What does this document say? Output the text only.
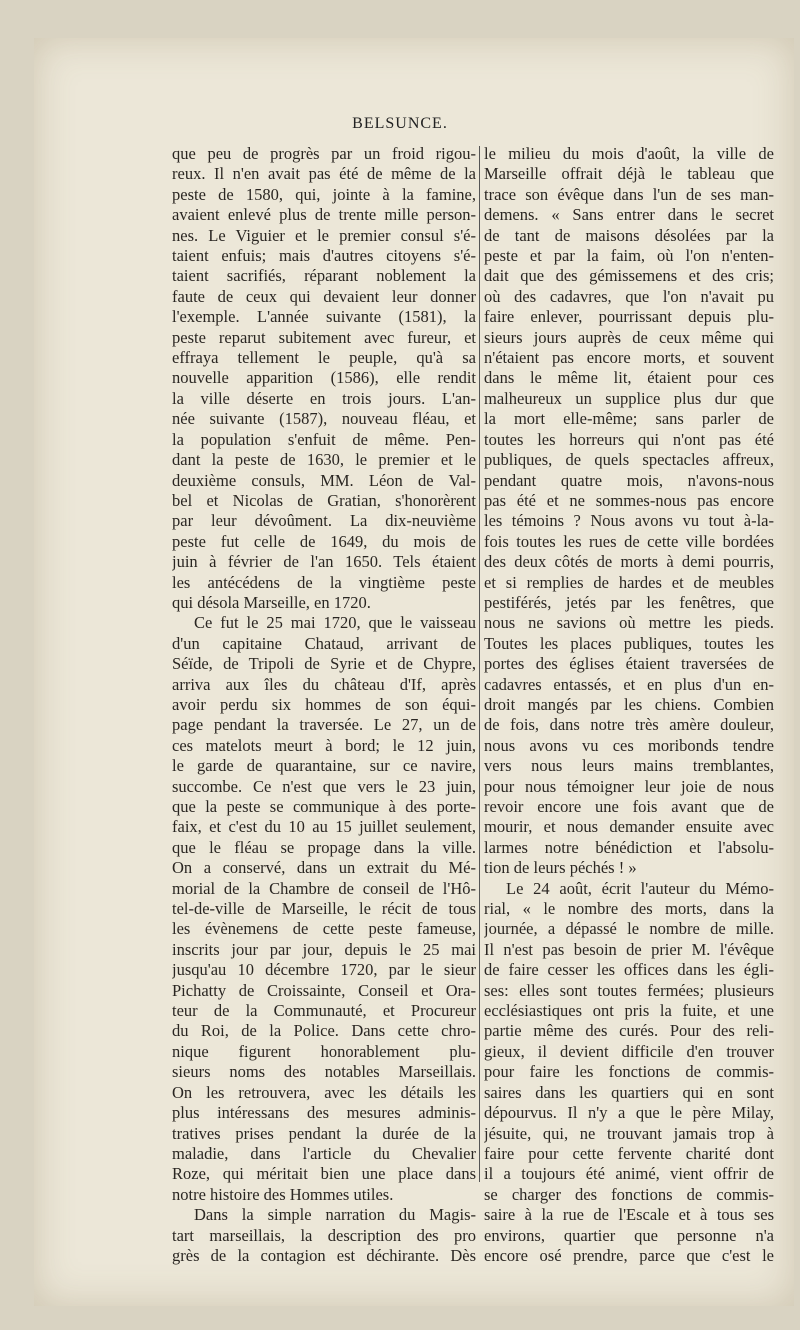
BELSUNCE.
que peu de progrès par un froid rigou-
reux. Il n'en avait pas été de même de la
peste de 1580, qui, jointe à la famine,
avaient enlevé plus de trente mille person-
nes. Le Viguier et le premier consul s'é-
taient enfuis; mais d'autres citoyens s'é-
taient sacrifiés, réparant noblement la
faute de ceux qui devaient leur donner
l'exemple. L'année suivante (1581), la
peste reparut subitement avec fureur, et
effraya tellement le peuple, qu'à sa
nouvelle apparition (1586), elle rendit
la ville déserte en trois jours. L'an-
née suivante (1587), nouveau fléau, et
la population s'enfuit de même. Pen-
dant la peste de 1630, le premier et le
deuxième consuls, MM. Léon de Val-
bel et Nicolas de Gratian, s'honorèrent
par leur dévoûment. La dix-neuvième
peste fut celle de 1649, du mois de
juin à février de l'an 1650. Tels étaient
les antécédens de la vingtième peste
qui désola Marseille, en 1720.
Ce fut le 25 mai 1720, que le vaisseau
d'un capitaine Chataud, arrivant de
Séïde, de Tripoli de Syrie et de Chypre,
arriva aux îles du château d'If, après
avoir perdu six hommes de son équi-
page pendant la traversée. Le 27, un de
ces matelots meurt à bord; le 12 juin,
le garde de quarantaine, sur ce navire,
succombe. Ce n'est que vers le 23 juin,
que la peste se communique à des porte-
faix, et c'est du 10 au 15 juillet seulement,
que le fléau se propage dans la ville.
On a conservé, dans un extrait du Mé-
morial de la Chambre de conseil de l'Hô-
tel-de-ville de Marseille, le récit de tous
les évènemens de cette peste fameuse,
inscrits jour par jour, depuis le 25 mai
jusqu'au 10 décembre 1720, par le sieur
Pichatty de Croissainte, Conseil et Ora-
teur de la Communauté, et Procureur
du Roi, de la Police. Dans cette chro-
nique figurent honorablement plu-
sieurs noms des notables Marseillais.
On les retrouvera, avec les détails les
plus intéressans des mesures adminis-
tratives prises pendant la durée de la
maladie, dans l'article du Chevalier
Roze, qui méritait bien une place dans
notre histoire des Hommes utiles.
Dans la simple narration du Magis-
tart marseillais, la description des pro
grès de la contagion est déchirante. Dès
le milieu du mois d'août, la ville de
Marseille offrait déjà le tableau que
trace son évêque dans l'un de ses man-
demens. « Sans entrer dans le secret
de tant de maisons désolées par la
peste et par la faim, où l'on n'enten-
dait que des gémissemens et des cris;
où des cadavres, que l'on n'avait pu
faire enlever, pourrissant depuis plu-
sieurs jours auprès de ceux même qui
n'étaient pas encore morts, et souvent
dans le même lit, étaient pour ces
malheureux un supplice plus dur que
la mort elle-même; sans parler de
toutes les horreurs qui n'ont pas été
publiques, de quels spectacles affreux,
pendant quatre mois, n'avons-nous
pas été et ne sommes-nous pas encore
les témoins ? Nous avons vu tout à-la-
fois toutes les rues de cette ville bordées
des deux côtés de morts à demi pourris,
et si remplies de hardes et de meubles
pestiférés, jetés par les fenêtres, que
nous ne savions où mettre les pieds.
Toutes les places publiques, toutes les
portes des églises étaient traversées de
cadavres entassés, et en plus d'un en-
droit mangés par les chiens. Combien
de fois, dans notre très amère douleur,
nous avons vu ces moribonds tendre
vers nous leurs mains tremblantes,
pour nous témoigner leur joie de nous
revoir encore une fois avant que de
mourir, et nous demander ensuite avec
larmes notre bénédiction et l'absolu-
tion de leurs péchés ! »
Le 24 août, écrit l'auteur du Mémo-
rial, « le nombre des morts, dans la
journée, a dépassé le nombre de mille.
Il n'est pas besoin de prier M. l'évêque
de faire cesser les offices dans les égli-
ses: elles sont toutes fermées; plusieurs
ecclésiastiques ont pris la fuite, et une
partie même des curés. Pour des reli-
gieux, il devient difficile d'en trouver
pour faire les fonctions de commis-
saires dans les quartiers qui en sont
dépourvus. Il n'y a que le père Milay,
jésuite, qui, ne trouvant jamais trop à
faire pour cette fervente charité dont
il a toujours été animé, vient offrir de
se charger des fonctions de commis-
saire à la rue de l'Escale et à tous ses
environs, quartier que personne n'a
encore osé prendre, parce que c'est le
